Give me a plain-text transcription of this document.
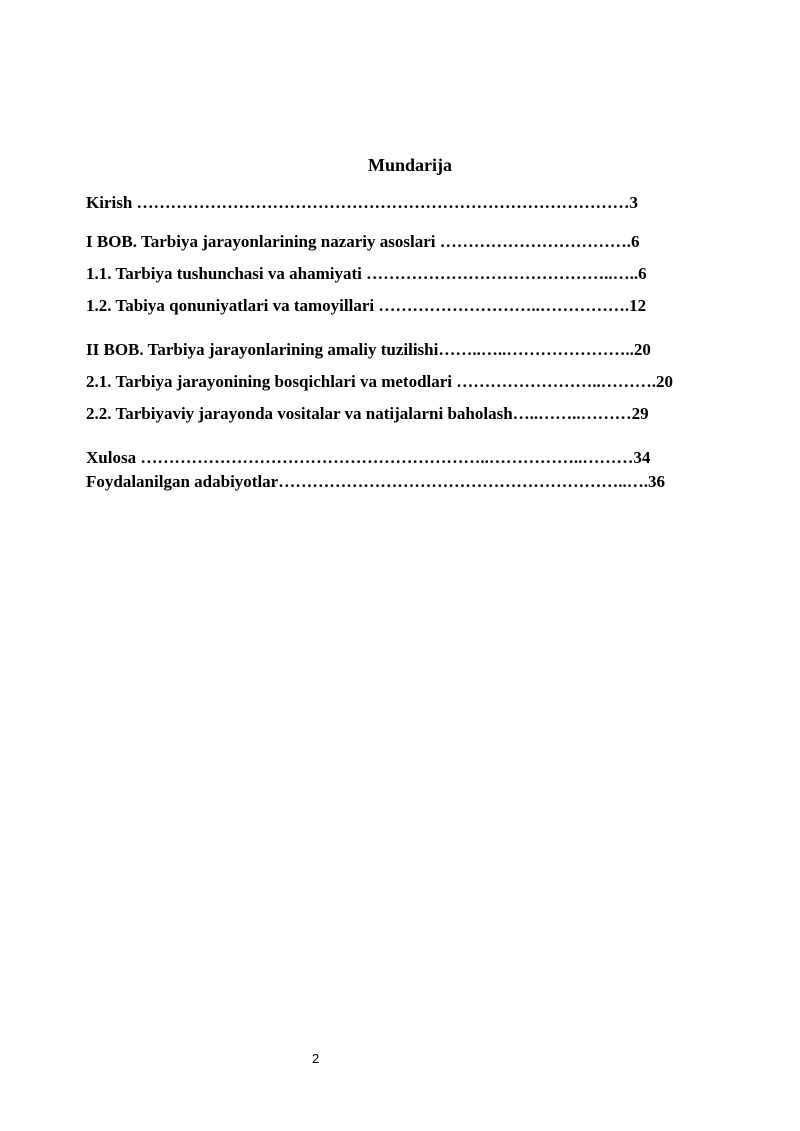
Mundarija
Kirish ……………………………………………………………………………3
I BOB. Tarbiya jarayonlarining nazariy asoslari …………………………….6
1.1. Tarbiya tushunchasi va ahamiyati ……………………………………..…..6
1.2. Tabiya qonuniyatlari va tamoyillari ………………………..…………….12
II BOB. Tarbiya jarayonlarining amaliy tuzilishi……..…..…………………..20
2.1. Tarbiya jarayonining bosqichlari va metodlari ……………………..……….20
2.2. Tarbiyaviy jarayonda vositalar va natijalarni baholash…..……..………29
Xulosa ……………………………………………………..……………..………34
Foydalanilgan adabiyotlar……………………………………………………..….36
2
